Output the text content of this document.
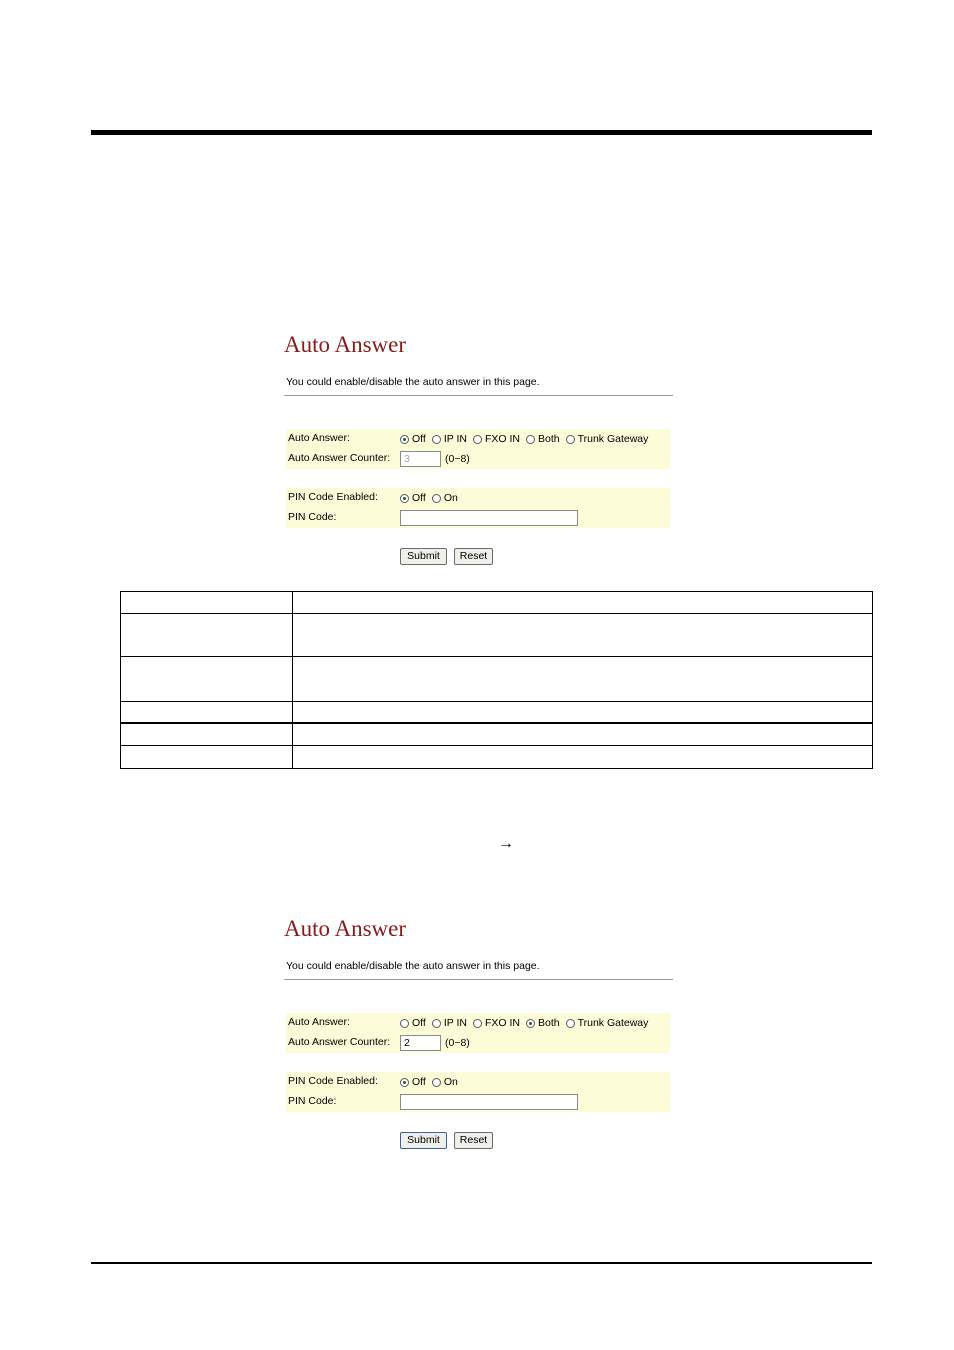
Auto Answer
You could enable/disable the auto answer in this page.
Auto Answer:	Off IP IN FXO IN Both Trunk Gateway
Auto Answer Counter:	3	(0~8)
PIN Code Enabled:	Off On
PIN Code:
Submit	Reset

→
Auto Answer
You could enable/disable the auto answer in this page.
Auto Answer:	Off IP IN FXO IN Both Trunk Gateway
Auto Answer Counter:	2	(0~8)
PIN Code Enabled:	Off On
PIN Code:
Submit	Reset
